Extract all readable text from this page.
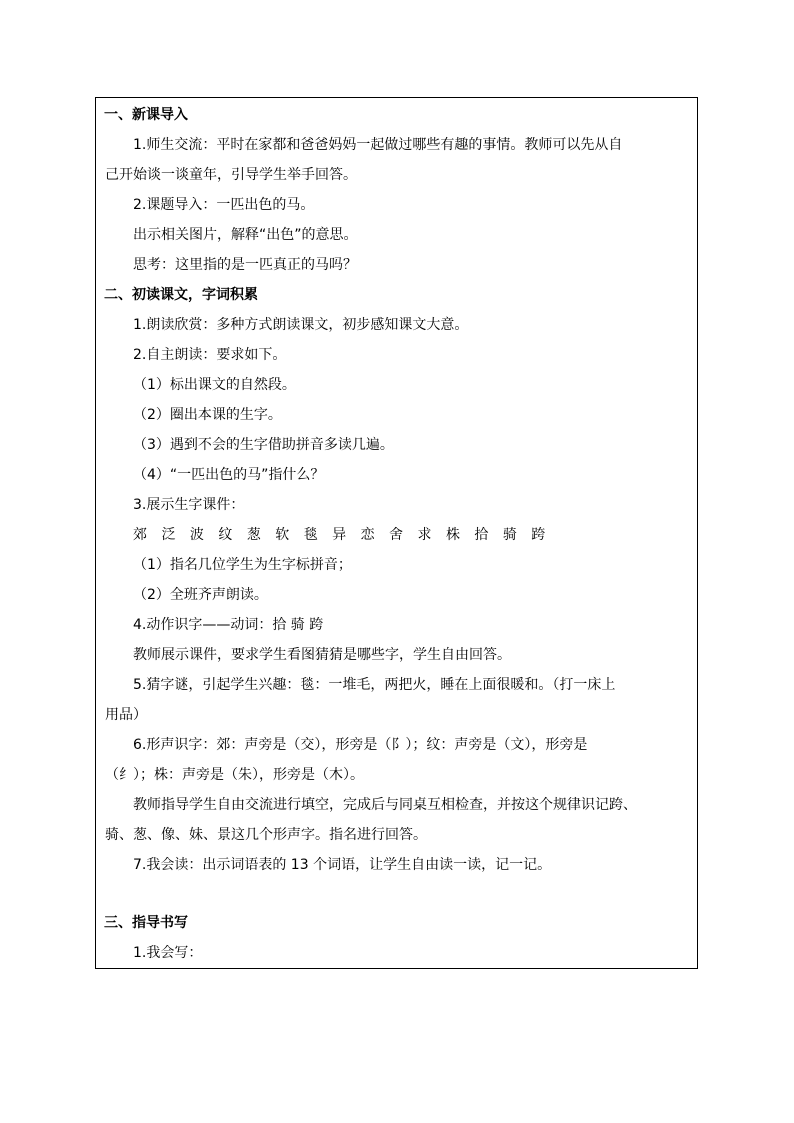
一、新课导入
1.师生交流：平时在家都和爸爸妈妈一起做过哪些有趣的事情。教师可以先从自
己开始谈一谈童年，引导学生举手回答。
2.课题导入：一匹出色的马。
出示相关图片，解释“出色”的意思。
思考：这里指的是一匹真正的马吗？
二、初读课文，字词积累
1.朗读欣赏：多种方式朗读课文，初步感知课文大意。
2.自主朗读：要求如下。
（1）标出课文的自然段。
（2）圈出本课的生字。
（3）遇到不会的生字借助拼音多读几遍。
（4）“一匹出色的马”指什么？
3.展示生字课件：
郊 泛 波 纹 葱 软 毯 异 恋 舍 求 株 拾 骑 跨
（1）指名几位学生为生字标拼音；
（2）全班齐声朗读。
4.动作识字——动词：拾 骑 跨
教师展示课件，要求学生看图猜猜是哪些字，学生自由回答。
5.猜字谜，引起学生兴趣：毯：一堆毛，两把火，睡在上面很暖和。（打一床上
用品）
6.形声识字：郊：声旁是（交），形旁是（阝）；纹：声旁是（文），形旁是
（纟）；株：声旁是（朱），形旁是（木）。
教师指导学生自由交流进行填空，完成后与同桌互相检查，并按这个规律识记跨、
骑、葱、像、妹、景这几个形声字。指名进行回答。
7.我会读：出示词语表的 13 个词语，让学生自由读一读，记一记。
三、指导书写
1.我会写：
